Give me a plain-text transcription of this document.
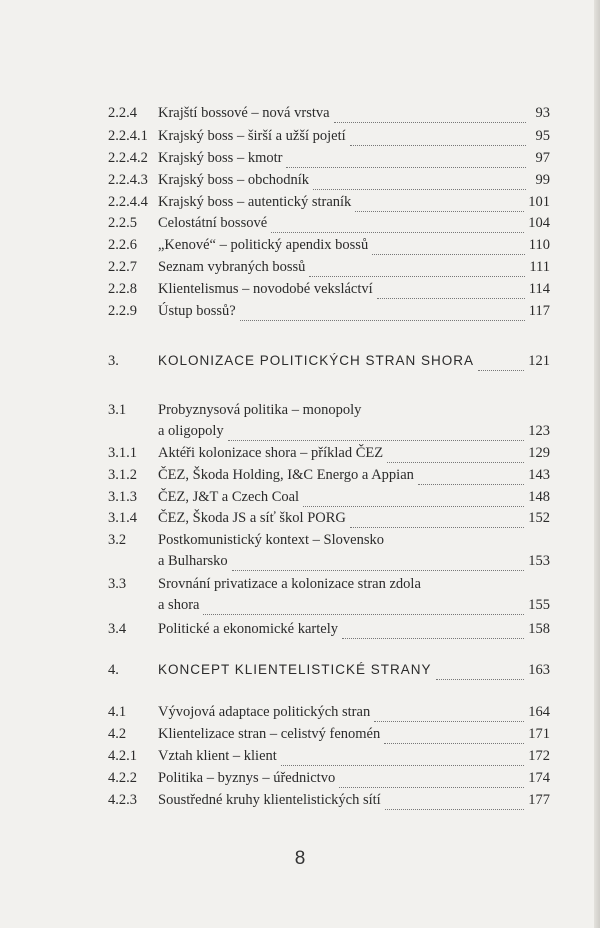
2.2.4	Krajští bossové – nová vrstva	93
2.2.4.1 Krajský boss – širší a užší pojetí	95
2.2.4.2 Krajský boss – kmotr	97
2.2.4.3 Krajský boss – obchodník	99
2.2.4.4 Krajský boss – autentický straník	101
2.2.5	Celostátní bossové	104
2.2.6	„Kenové“ – politický apendix bossů	110
2.2.7	Seznam vybraných bossů	111
2.2.8	Klientelismus – novodobé veksláctví	114
2.2.9	Ústup bossů?	117
3.	KOLONIZACE POLITICKÝCH STRAN SHORA	121
3.1	Probyznysová politika – monopoly
a oligopoly	123
3.1.1	Aktéři kolonizace shora – příklad ČEZ	129
3.1.2	ČEZ, Škoda Holding, I&C Energo a Appian	143
3.1.3	ČEZ, J&T a Czech Coal	148
3.1.4	ČEZ, Škoda JS a síť škol PORG	152
3.2	Postkomunistický kontext – Slovensko
a Bulharsko	153
3.3	Srovnání privatizace a kolonizace stran zdola
a shora	155
3.4	Politické a ekonomické kartely	158
4.	KONCEPT KLIENTELISTICKÉ STRANY	163
4.1	Vývojová adaptace politických stran	164
4.2	Klientelizace stran – celistvý fenomén	171
4.2.1	Vztah klient – klient	172
4.2.2	Politika – byznys – úřednictvo	174
4.2.3	Soustředné kruhy klientelistických sítí	177
8
